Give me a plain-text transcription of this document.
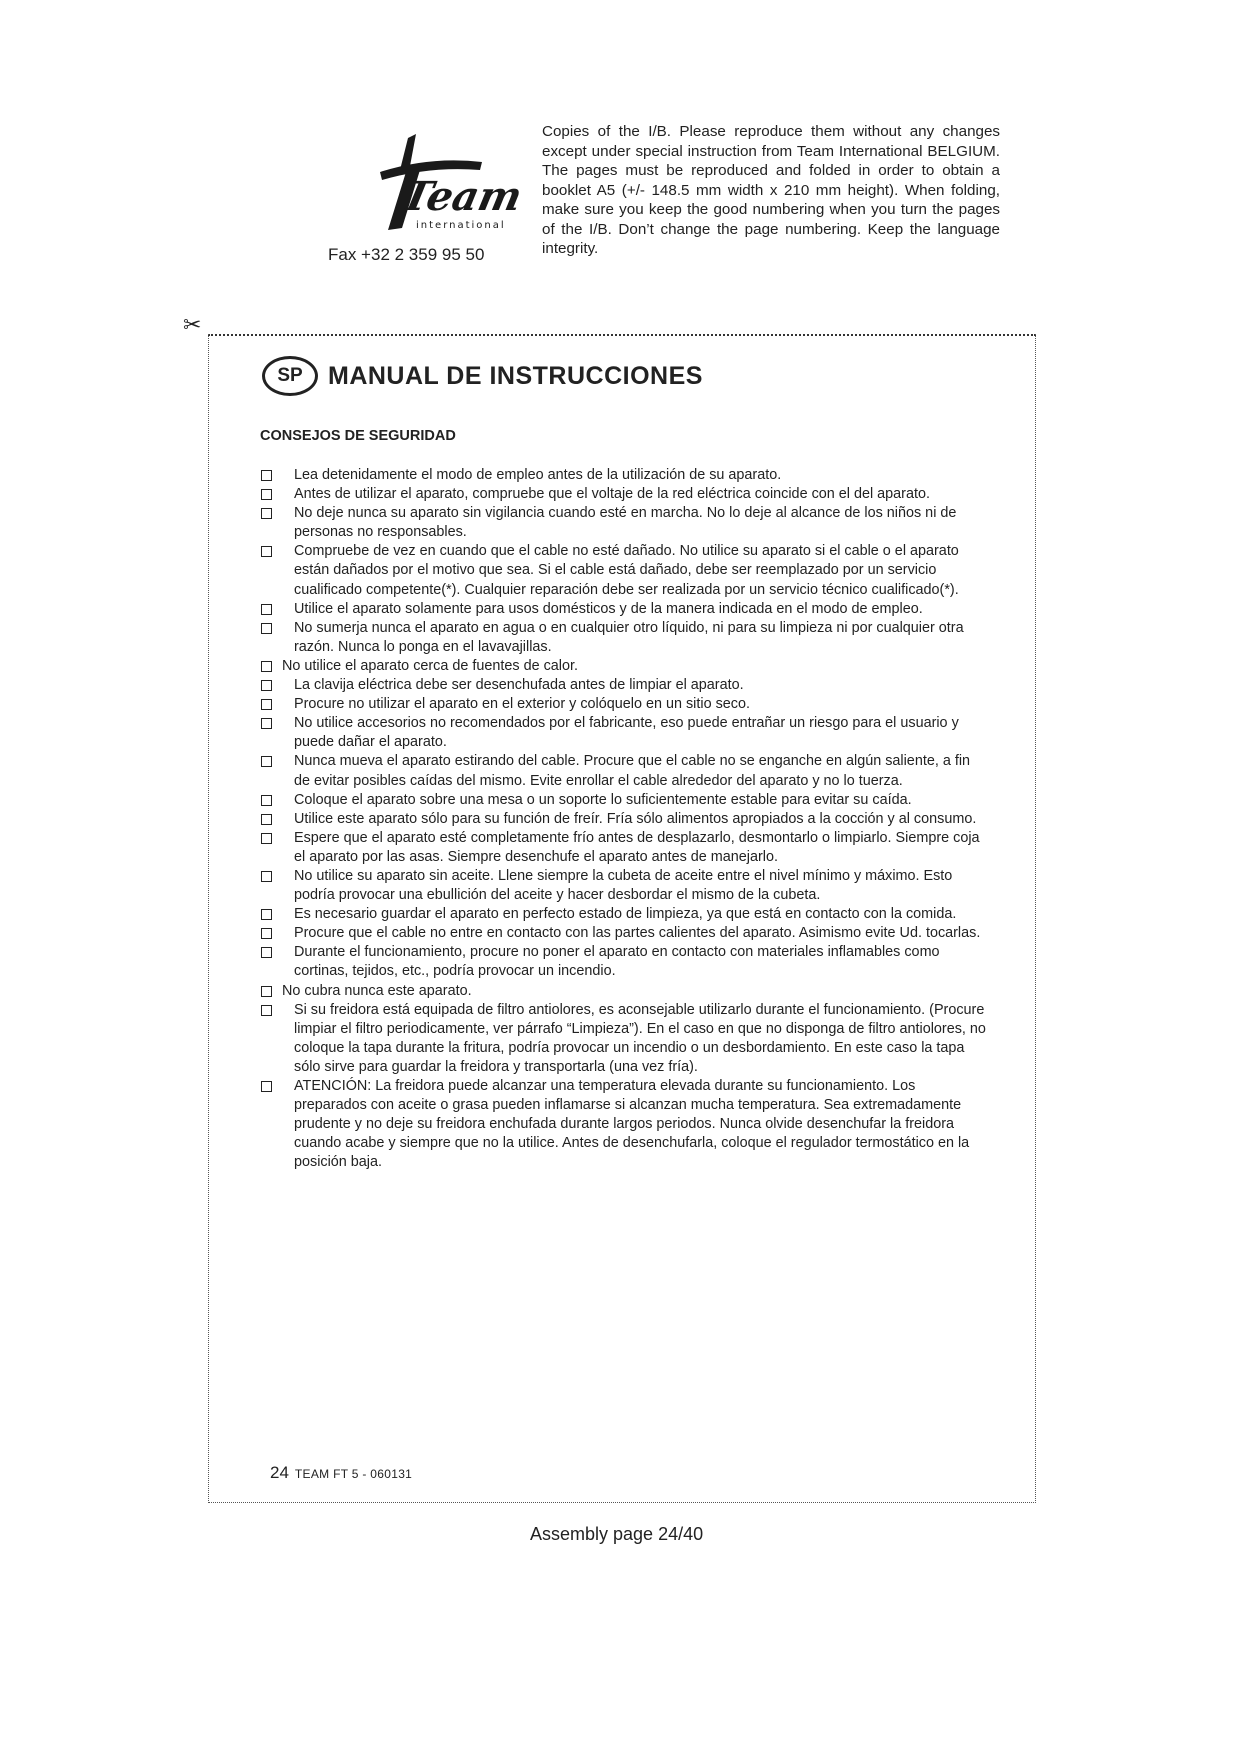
Team
international
Fax +32 2 359 95 50
Copies of the I/B. Please reproduce them without any changes except under special instruction from Team International BELGIUM. The pages must be reproduced and folded in order to obtain a booklet A5 (+/- 148.5 mm width x 210 mm height). When folding, make sure you keep the good numbering when you turn the pages of the I/B. Don’t change the page numbering. Keep the language integrity.
✂
SP	MANUAL DE INSTRUCCIONES
CONSEJOS DE SEGURIDAD
Lea detenidamente el modo de empleo antes de la utilización de su aparato.
Antes de utilizar el aparato, compruebe que el voltaje de la red eléctrica coincide con el del aparato.
No deje nunca su aparato sin vigilancia cuando esté en marcha. No lo deje al alcance de los niños ni de personas no responsables.
Compruebe de vez en cuando que el cable no esté dañado. No utilice su aparato si el cable o el aparato están dañados por el motivo que sea. Si el cable está dañado, debe ser reemplazado por un servicio cualificado competente(*). Cualquier reparación debe ser realizada por un servicio técnico cualificado(*).
Utilice el aparato solamente para usos domésticos y de la manera indicada en el modo de empleo.
No sumerja nunca el aparato en agua o en cualquier otro líquido, ni para su limpieza ni por cualquier otra razón. Nunca lo ponga en el lavavajillas.
No utilice el aparato cerca de fuentes de calor.
La clavija eléctrica debe ser desenchufada antes de limpiar el aparato.
Procure no utilizar el aparato en el exterior y colóquelo en un sitio seco.
No utilice accesorios no recomendados por el fabricante, eso puede entrañar un riesgo para el usuario y puede dañar el aparato.
Nunca mueva el aparato estirando del cable. Procure que el cable no se enganche en algún saliente, a fin de evitar posibles caídas del mismo. Evite enrollar el cable alrededor del aparato y no lo tuerza.
Coloque el aparato sobre una mesa o un soporte lo suficientemente estable para evitar su caída.
Utilice este aparato sólo para su función de freír. Fría sólo alimentos apropiados a la cocción y al consumo.
Espere que el aparato esté completamente frío antes de desplazarlo, desmontarlo o limpiarlo. Siempre coja el aparato por las asas. Siempre desenchufe el aparato antes de manejarlo.
No utilice su aparato sin aceite. Llene siempre la cubeta de aceite entre el nivel mínimo y máximo. Esto podría provocar una ebullición del aceite y hacer desbordar el mismo de la cubeta.
Es necesario guardar el aparato en perfecto estado de limpieza, ya que está en contacto con la comida.
Procure que el cable no entre en contacto con las partes calientes del aparato. Asimismo evite Ud. tocarlas.
Durante el funcionamiento, procure no poner el aparato en contacto con materiales inflamables como cortinas, tejidos, etc., podría provocar un incendio.
No cubra nunca este aparato.
Si su freidora está equipada de filtro antiolores, es aconsejable utilizarlo durante el funcionamiento. (Procure limpiar el filtro periodicamente, ver párrafo “Limpieza”). En el caso en que no disponga de filtro antiolores, no coloque la tapa durante la fritura, podría provocar un incendio o un desbordamiento. En este caso la tapa sólo sirve para guardar la freidora y transportarla (una vez fría).
ATENCIÓN: La freidora puede alcanzar una temperatura elevada durante su funcionamiento. Los preparados con aceite o grasa pueden inflamarse si alcanzan mucha temperatura. Sea extremadamente prudente y no deje su freidora enchufada durante largos periodos. Nunca olvide desenchufar la freidora cuando acabe y siempre que no la utilice. Antes de desenchufarla, coloque el regulador termostático en la posición baja.
24 TEAM FT 5 - 060131
Assembly page 24/40
